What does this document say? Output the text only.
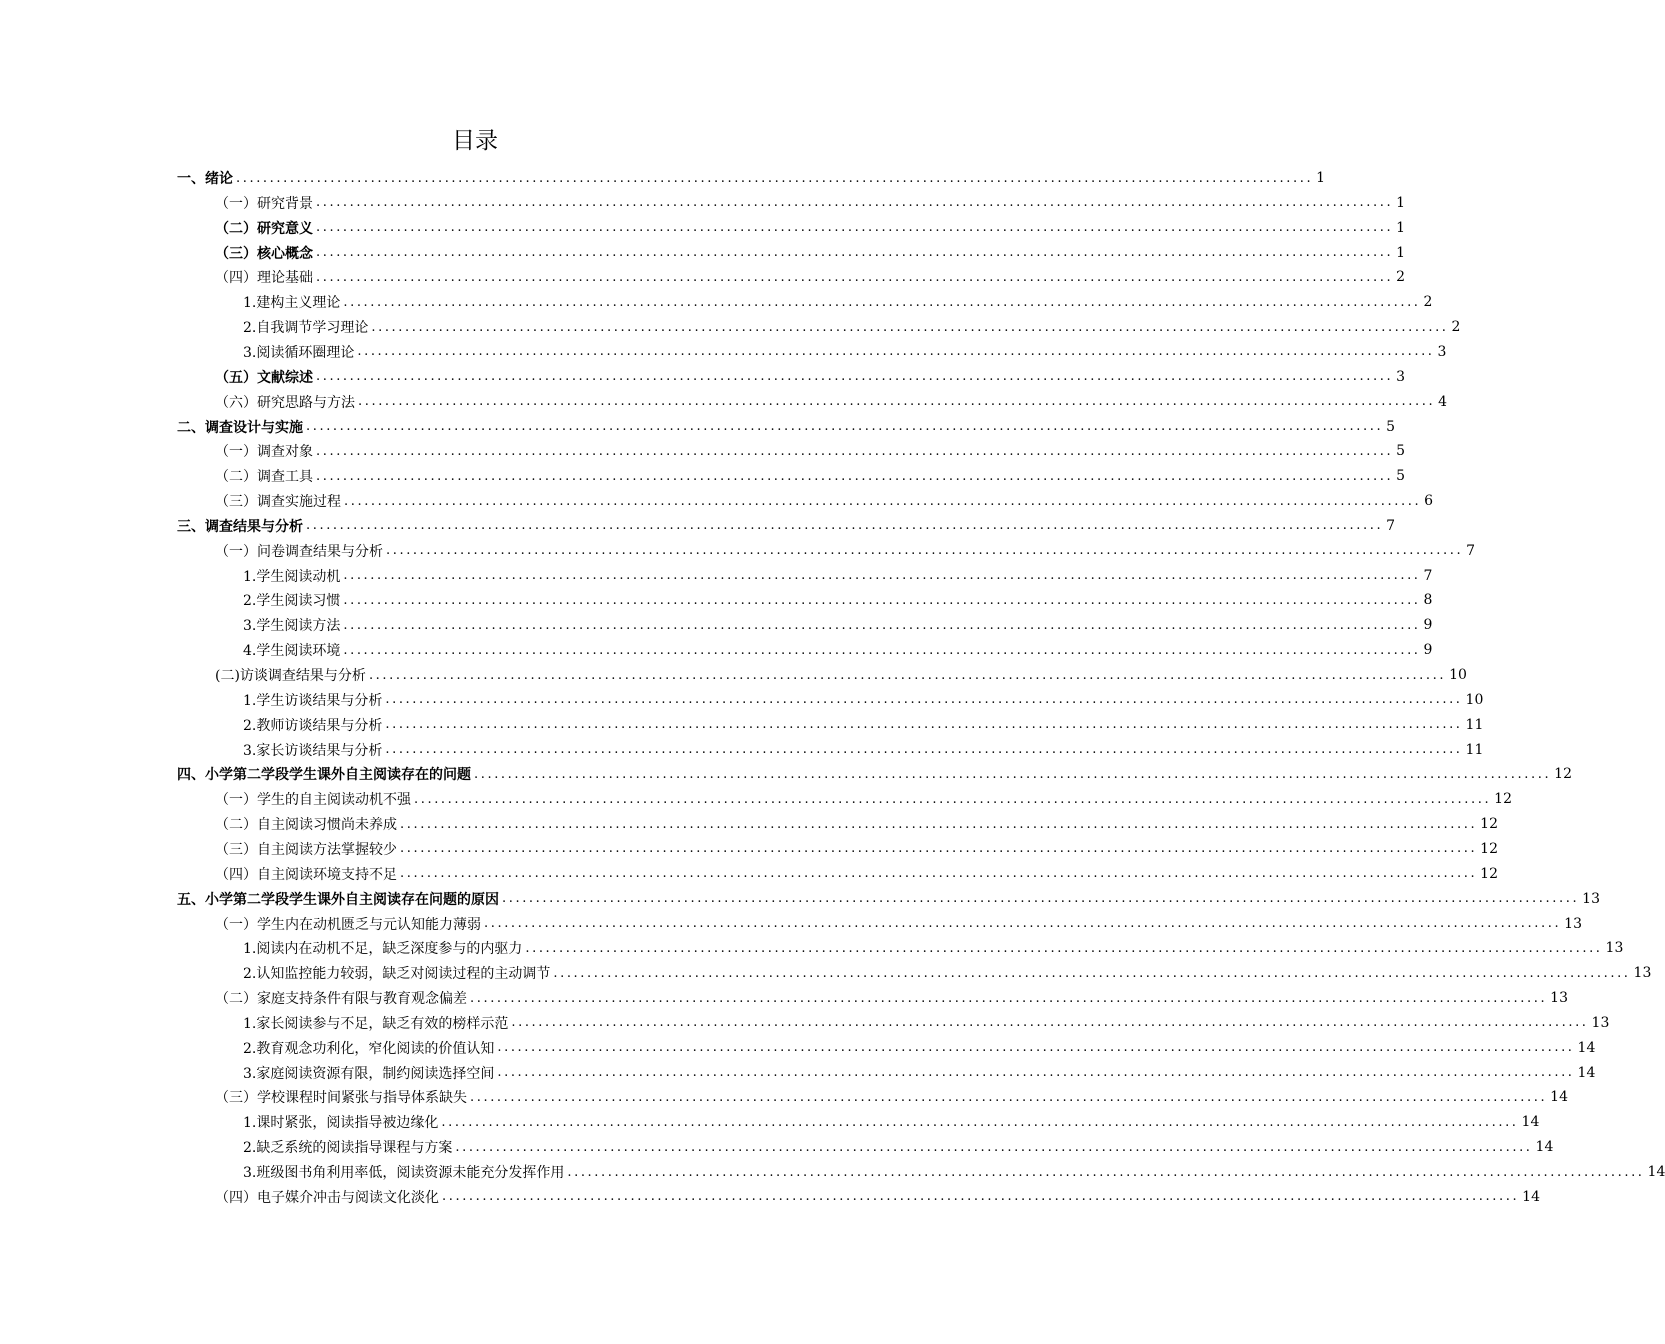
目录
一、绪论 ................................................................................................................................................................ 1
（一）研究背景 ................................................................................................................................................................ 1
（二）研究意义 ................................................................................................................................................................ 1
（三）核心概念 ................................................................................................................................................................ 1
（四）理论基础 ................................................................................................................................................................ 2
1.建构主义理论 ................................................................................................................................................................ 2
2.自我调节学习理论 ................................................................................................................................................................ 2
3.阅读循环圈理论 ................................................................................................................................................................ 3
（五）文献综述 ................................................................................................................................................................ 3
（六）研究思路与方法 ................................................................................................................................................................ 4
二、调查设计与实施 ................................................................................................................................................................ 5
（一）调查对象 ................................................................................................................................................................ 5
（二）调查工具 ................................................................................................................................................................ 5
（三）调查实施过程 ................................................................................................................................................................ 6
三、调查结果与分析 ................................................................................................................................................................ 7
（一）问卷调查结果与分析 ................................................................................................................................................................ 7
1.学生阅读动机 ................................................................................................................................................................ 7
2.学生阅读习惯 ................................................................................................................................................................ 8
3.学生阅读方法 ................................................................................................................................................................ 9
4.学生阅读环境 ................................................................................................................................................................ 9
(二)访谈调查结果与分析 ................................................................................................................................................................ 10
1.学生访谈结果与分析 ................................................................................................................................................................ 10
2.教师访谈结果与分析 ................................................................................................................................................................ 11
3.家长访谈结果与分析 ................................................................................................................................................................ 11
四、小学第二学段学生课外自主阅读存在的问题 ................................................................................................................................................................ 12
（一）学生的自主阅读动机不强 ................................................................................................................................................................ 12
（二）自主阅读习惯尚未养成 ................................................................................................................................................................ 12
（三）自主阅读方法掌握较少 ................................................................................................................................................................ 12
（四）自主阅读环境支持不足 ................................................................................................................................................................ 12
五、小学第二学段学生课外自主阅读存在问题的原因 ................................................................................................................................................................ 13
（一）学生内在动机匮乏与元认知能力薄弱 ................................................................................................................................................................ 13
1.阅读内在动机不足，缺乏深度参与的内驱力 ................................................................................................................................................................ 13
2.认知监控能力较弱，缺乏对阅读过程的主动调节 ................................................................................................................................................................ 13
（二）家庭支持条件有限与教育观念偏差 ................................................................................................................................................................ 13
1.家长阅读参与不足，缺乏有效的榜样示范 ................................................................................................................................................................ 13
2.教育观念功利化，窄化阅读的价值认知 ................................................................................................................................................................ 14
3.家庭阅读资源有限，制约阅读选择空间 ................................................................................................................................................................ 14
（三）学校课程时间紧张与指导体系缺失 ................................................................................................................................................................ 14
1.课时紧张，阅读指导被边缘化 ................................................................................................................................................................ 14
2.缺乏系统的阅读指导课程与方案 ................................................................................................................................................................ 14
3.班级图书角利用率低，阅读资源未能充分发挥作用 ................................................................................................................................................................ 14
（四）电子媒介冲击与阅读文化淡化 ................................................................................................................................................................ 14
